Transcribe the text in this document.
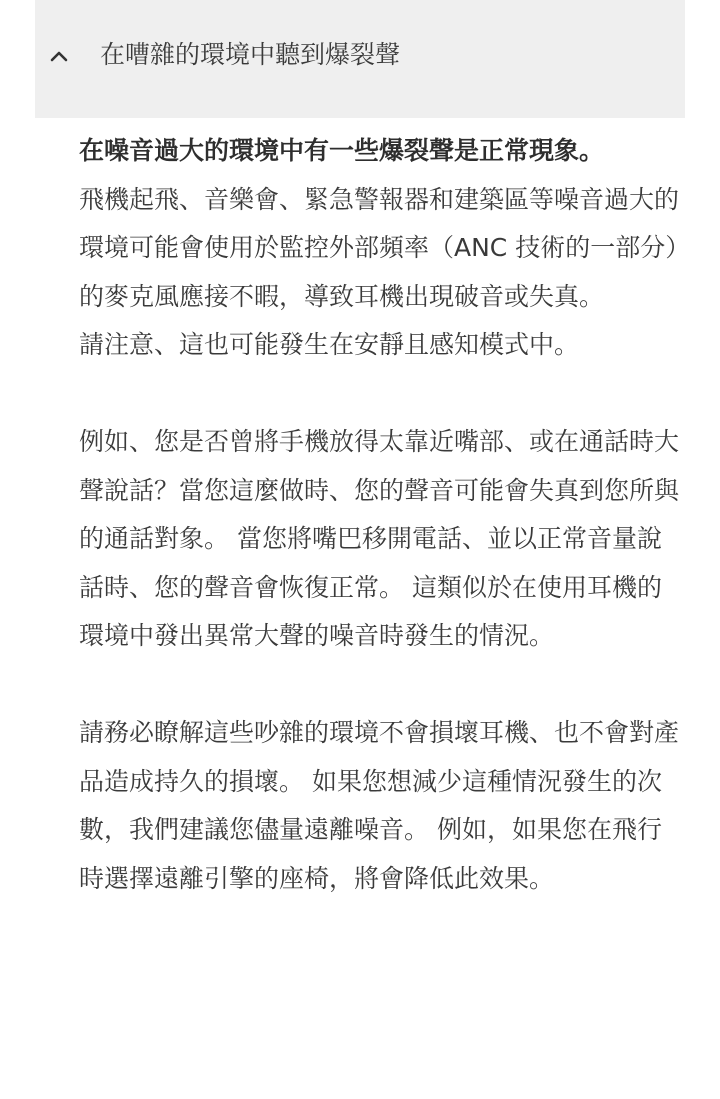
在嘈雜的環境中聽到爆裂聲

在噪音過大的環境中有一些爆裂聲是正常現象。

飛機起飛、音樂會、緊急警報器和建築區等噪音過大的環境可能會使用於監控外部頻率（ANC 技術的一部分）的麥克風應接不暇，導致耳機出現破音或失真。

請注意、這也可能發生在安靜且感知模式中。

例如、您是否曾將手機放得太靠近嘴部、或在通話時大聲說話？當您這麼做時、您的聲音可能會失真到您所與的通話對象。 當您將嘴巴移開電話、並以正常音量說話時、您的聲音會恢復正常。 這類似於在使用耳機的環境中發出異常大聲的噪音時發生的情況。

請務必瞭解這些吵雜的環境不會損壞耳機、也不會對產品造成持久的損壞。 如果您想減少這種情況發生的次數，我們建議您儘量遠離噪音。 例如，如果您在飛行時選擇遠離引擎的座椅，將會降低此效果。
